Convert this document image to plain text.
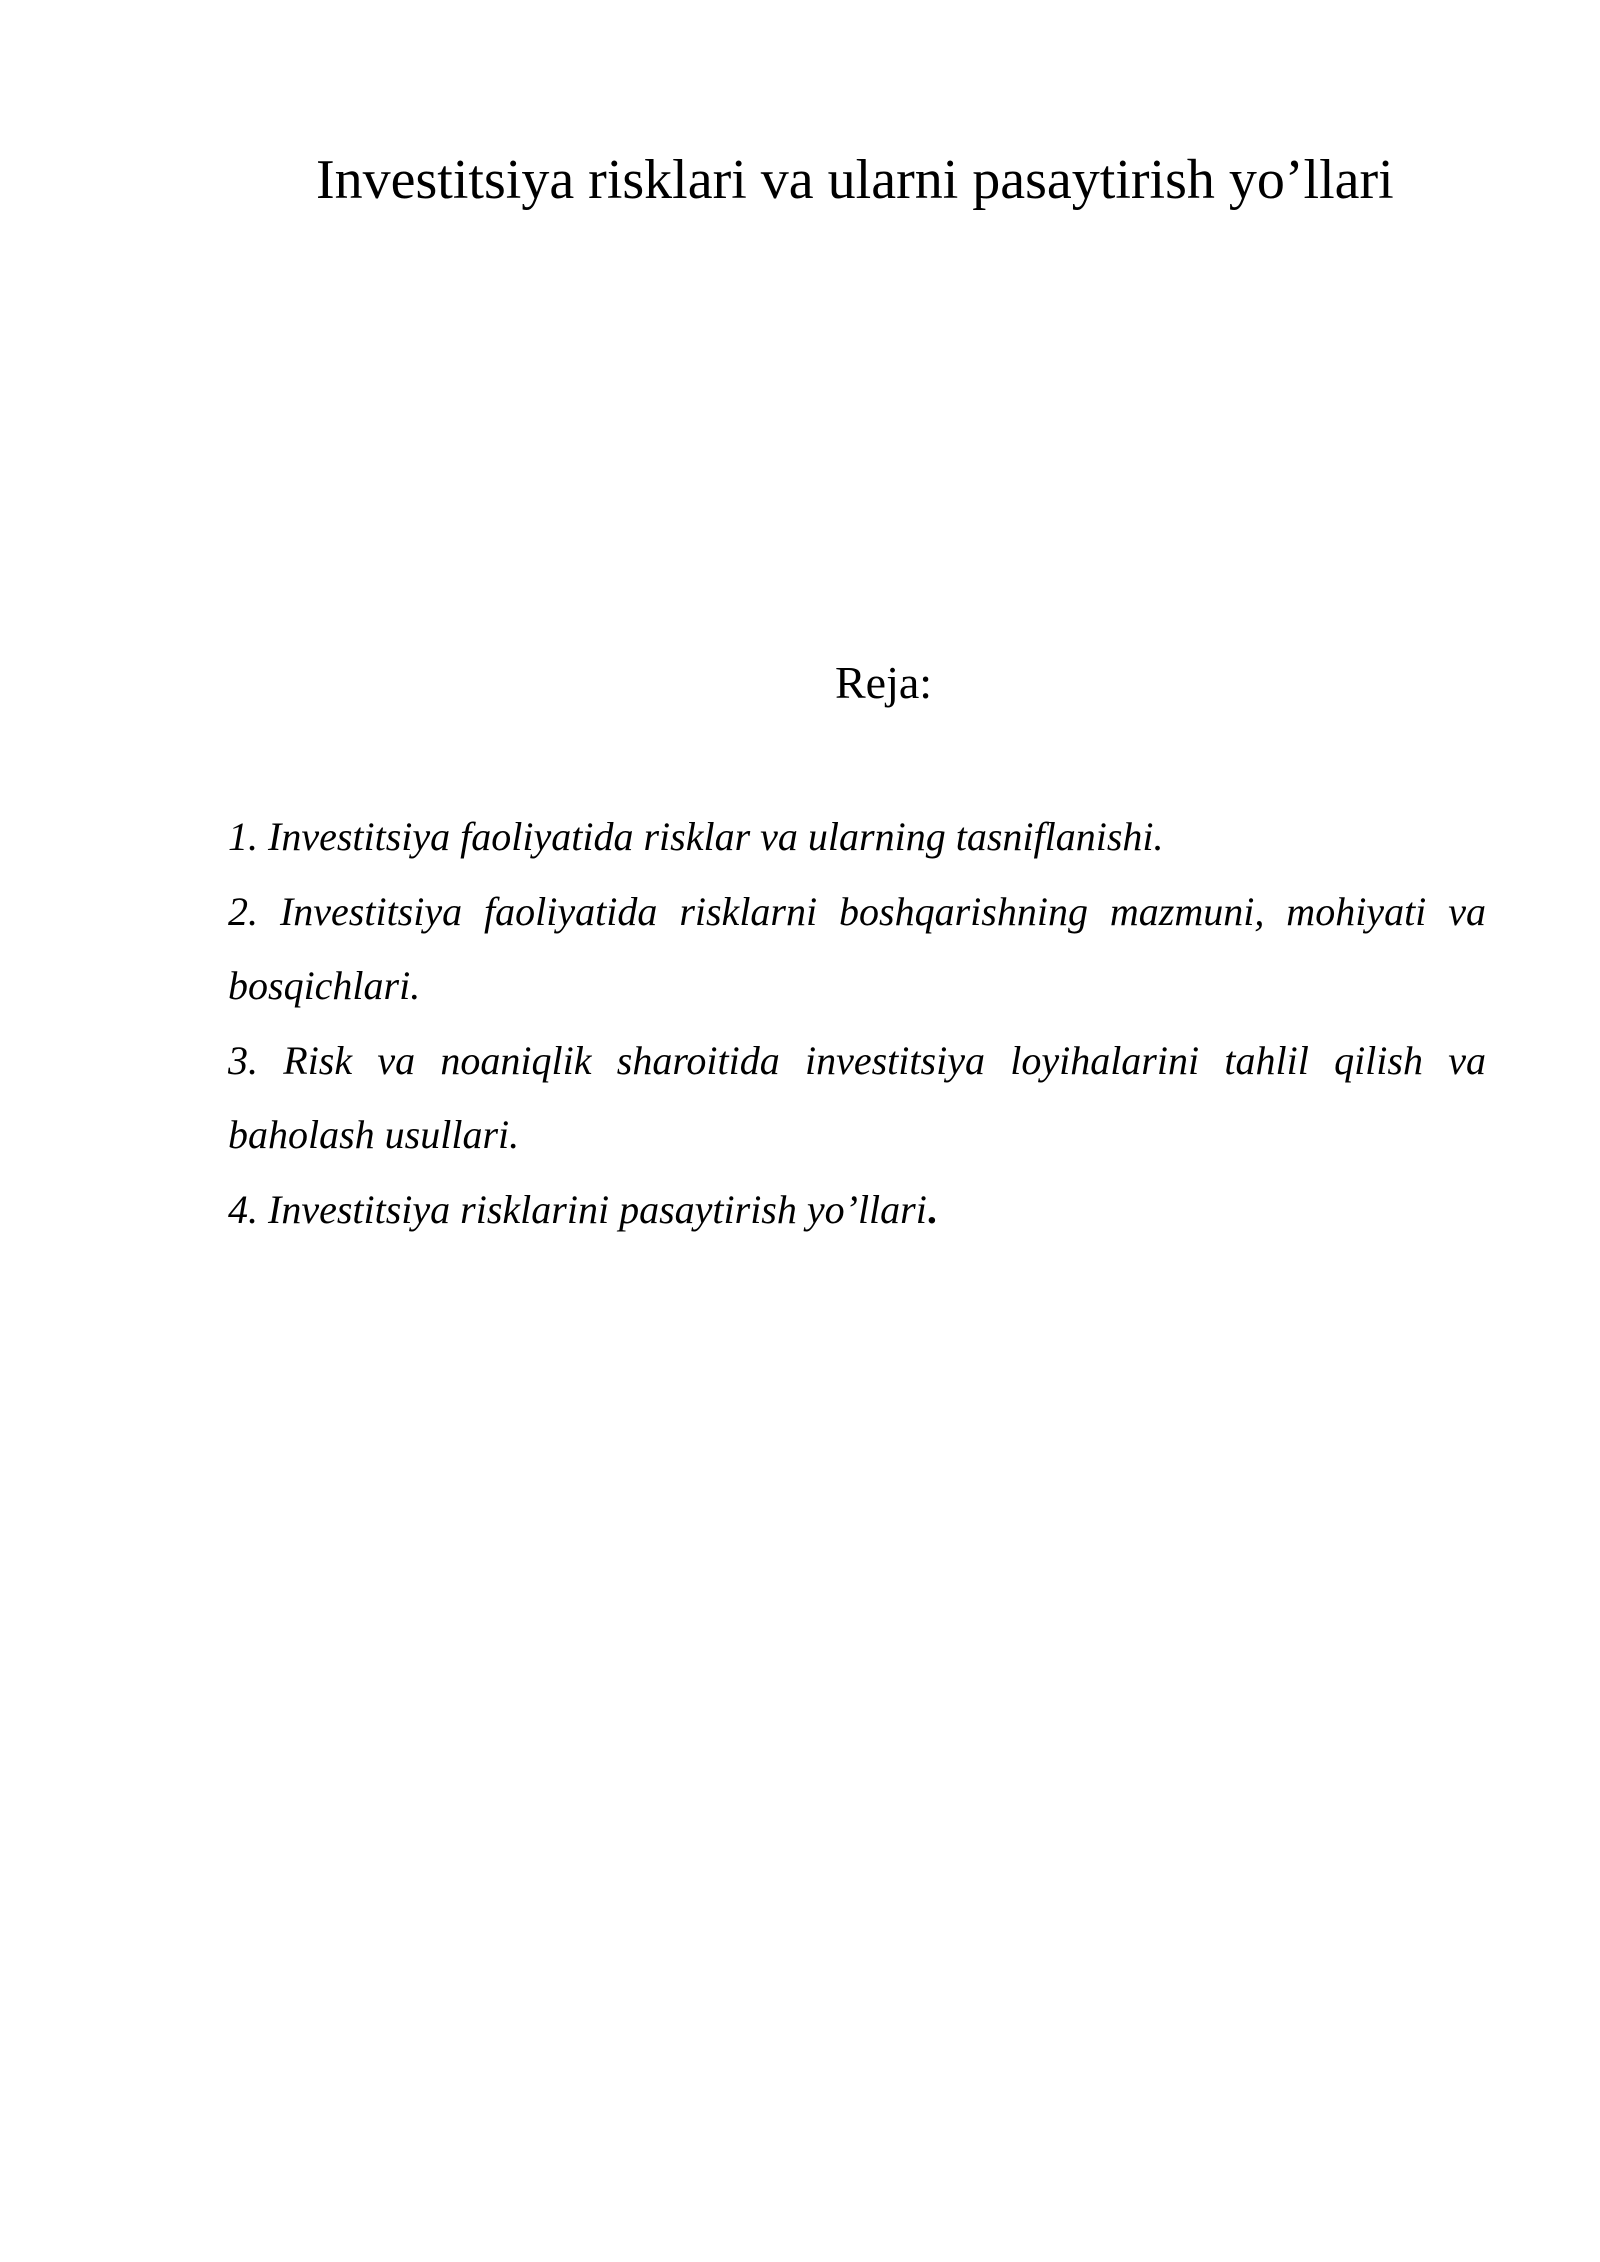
Investitsiya risklari va ularni pasaytirish yo’llari
Reja:
1. Investitsiya faoliyatida risklar va ularning tasniflanishi.
2. Investitsiya faoliyatida risklarni boshqarishning mazmuni, mohiyati va bosqichlari.
3. Risk va noaniqlik sharoitida investitsiya loyihalarini tahlil qilish va baholash usullari.
4. Investitsiya risklarini pasaytirish yo’llari.
